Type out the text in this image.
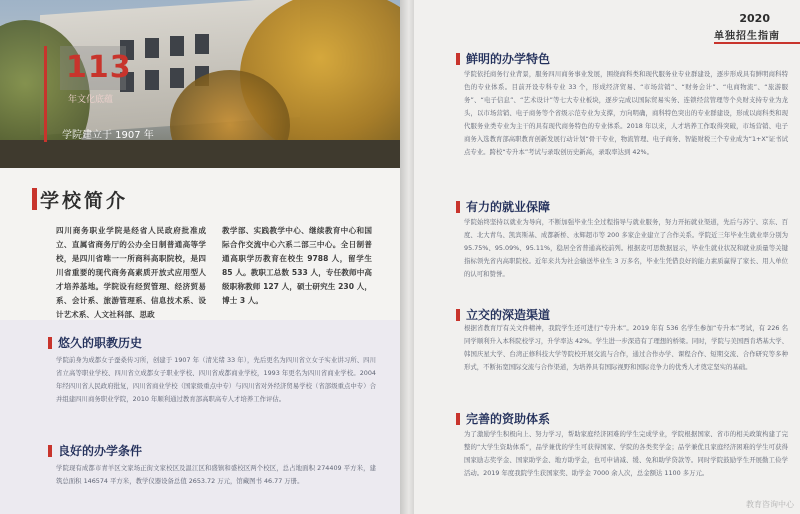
113
年文化底蕴
学院建立于 1907 年
学校简介
四川商务职业学院是经省人民政府批准成立、直属省商务厅的公办全日制普通高等学校，是四川省唯一一所商科高职院校，是四川省重要的现代商务高素质开放式应用型人才培养基地。学院设有经贸管理、经济贸易系、会计系、旅游管理系、信息技术系、设计艺术系、人文社科部、思政
教学部、实践教学中心、继续教育中心和国际合作交流中心六系二部三中心。全日制普通高职学历教育在校生 9788 人，留学生 85 人。教职工总数 533 人，专任教师中高级职称教师 127 人，硕士研究生 230 人，博士 3 人。
悠久的职教历史
学院前身为成都女子蚕桑传习所，创建于 1907 年（清光绪 33 年），先后更名为四川省立女子实业讲习所、四川省立高等职业学校、四川省立成都女子职业学校、四川省成都商业学校，1993 年更名为四川省商业学校。2004 年经四川省人民政府批复，四川省商业学校（国家级重点中专）与四川省对外经济贸易学校（省部级重点中专）合并组建四川商务职业学院，2010 年顺利通过教育部高职高专人才培养工作评估。
良好的办学条件
学院现有成都市青羊区文家场正街文家校区及温江区和盛镇和盛校区两个校区，总占地面积 274409 平方米，建筑总面积 146574 平方米，教学仪器设备总值 2653.72 万元，馆藏图书 46.77 万册。
2020
单独招生指南
鲜明的办学特色
学院依托商务行业背景，服务四川商务事业发展，围绕商科类和现代服务业专业群建设，逐步形成具有鲜明商科特色的专业体系。目前开设专科专业 33 个，形成经济贸易、“市场营销”、“财务会计”、“电商物流”、“旅游服务”、“电子信息”、“艺术设计”等七大专业板块，逐步完成以国际贸易实务、连锁经营管理等个央财支持专业为龙头，以市场营销、电子商务等个省级示范专业为支撑，方向明确，商科特色突出的专业群建设，形成以商科类和现代服务业类专业为主干的具有现代商务特色的专业体系。2018 年以来，人才培养工作取得突破，市场营销、电子商务入选教育部高职教育创新发展行动计划“骨干专业，物流管理、电子商务、智能财税三个专业成为“1+X”证书试点专业。跨校“专升本”考试与录取创历史新高，录取率达到 42%。
有力的就业保障
学院始终坚持以就业为导向，不断加强毕业生全过程指导与就业服务，努力开拓就业渠道，先后与苏宁、京东、百度、北大青鸟、凯宾斯基、成都新桥、永辉超市等 200 多家企业建立了合作关系。学院近三年毕业生就业率分别为 95.75%、95.09%、95.11%，稳居全省普通高校前列。根据麦可思数据显示，毕业生就业状况和就业质量等关键指标领先省内高职院校。近年来共为社会输送毕业生 3 万多名，毕业生凭借良好的能力素质赢得了家长、用人单位的认可和赞誉。
立交的深造渠道
根据省教育厅有关文件精神，我院学生还可进行“专升本”。2019 年有 536 名学生参加“专升本”考试，有 226 名同学顺利升入本科院校学习，升学率达 42%。学生进一步深造有了理想的桥梁。同时，学院与美国西肯塔基大学、韩国庆星大学、台湾正修科技大学等院校开展交流与合作，通过合作办学、课程合作、短期交流、合作研究等多种形式，不断拓宽国际交流与合作渠道，为培养具有国际视野和国际竞争力的优秀人才奠定坚实的基础。
完善的资助体系
为了激励学生积极向上、努力学习，帮助家庭经济困难的学生完成学业，学院根据国家、省市的相关政策构建了完整的“大学生资助体系”，品学兼优的学生可获得国家、学院的各类奖学金；品学兼优且家庭经济困难的学生可获得国家励志奖学金、国家助学金、地方助学金，也可申请减、缓、免和助学贷款等。同时学院鼓励学生开展勤工俭学活动。2019 年度我院学生获国家奖、助学金 7000 余人次，总金额达 1100 多万元。
教育咨询中心
